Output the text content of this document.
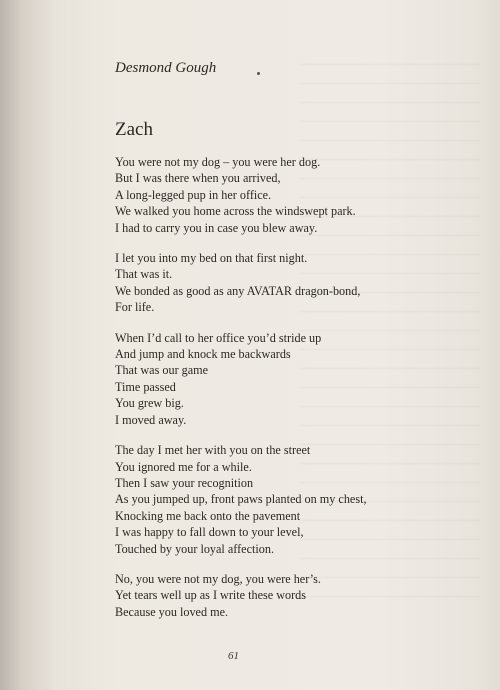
Desmond Gough

Zach
You were not my dog – you were her dog.
But I was there when you arrived,
A long-legged pup in her office.
We walked you home across the windswept park.
I had to carry you in case you blew away.
I let you into my bed on that first night.
That was it.
We bonded as good as any AVATAR dragon-bond,
For life.
When I’d call to her office you’d stride up
And jump and knock me backwards
That was our game
Time passed
You grew big.
I moved away.
The day I met her with you on the street
You ignored me for a while.
Then I saw your recognition
As you jumped up, front paws planted on my chest,
Knocking me back onto the pavement
I was happy to fall down to your level,
Touched by your loyal affection.
No, you were not my dog, you were her’s.
Yet tears well up as I write these words
Because you loved me.
61
